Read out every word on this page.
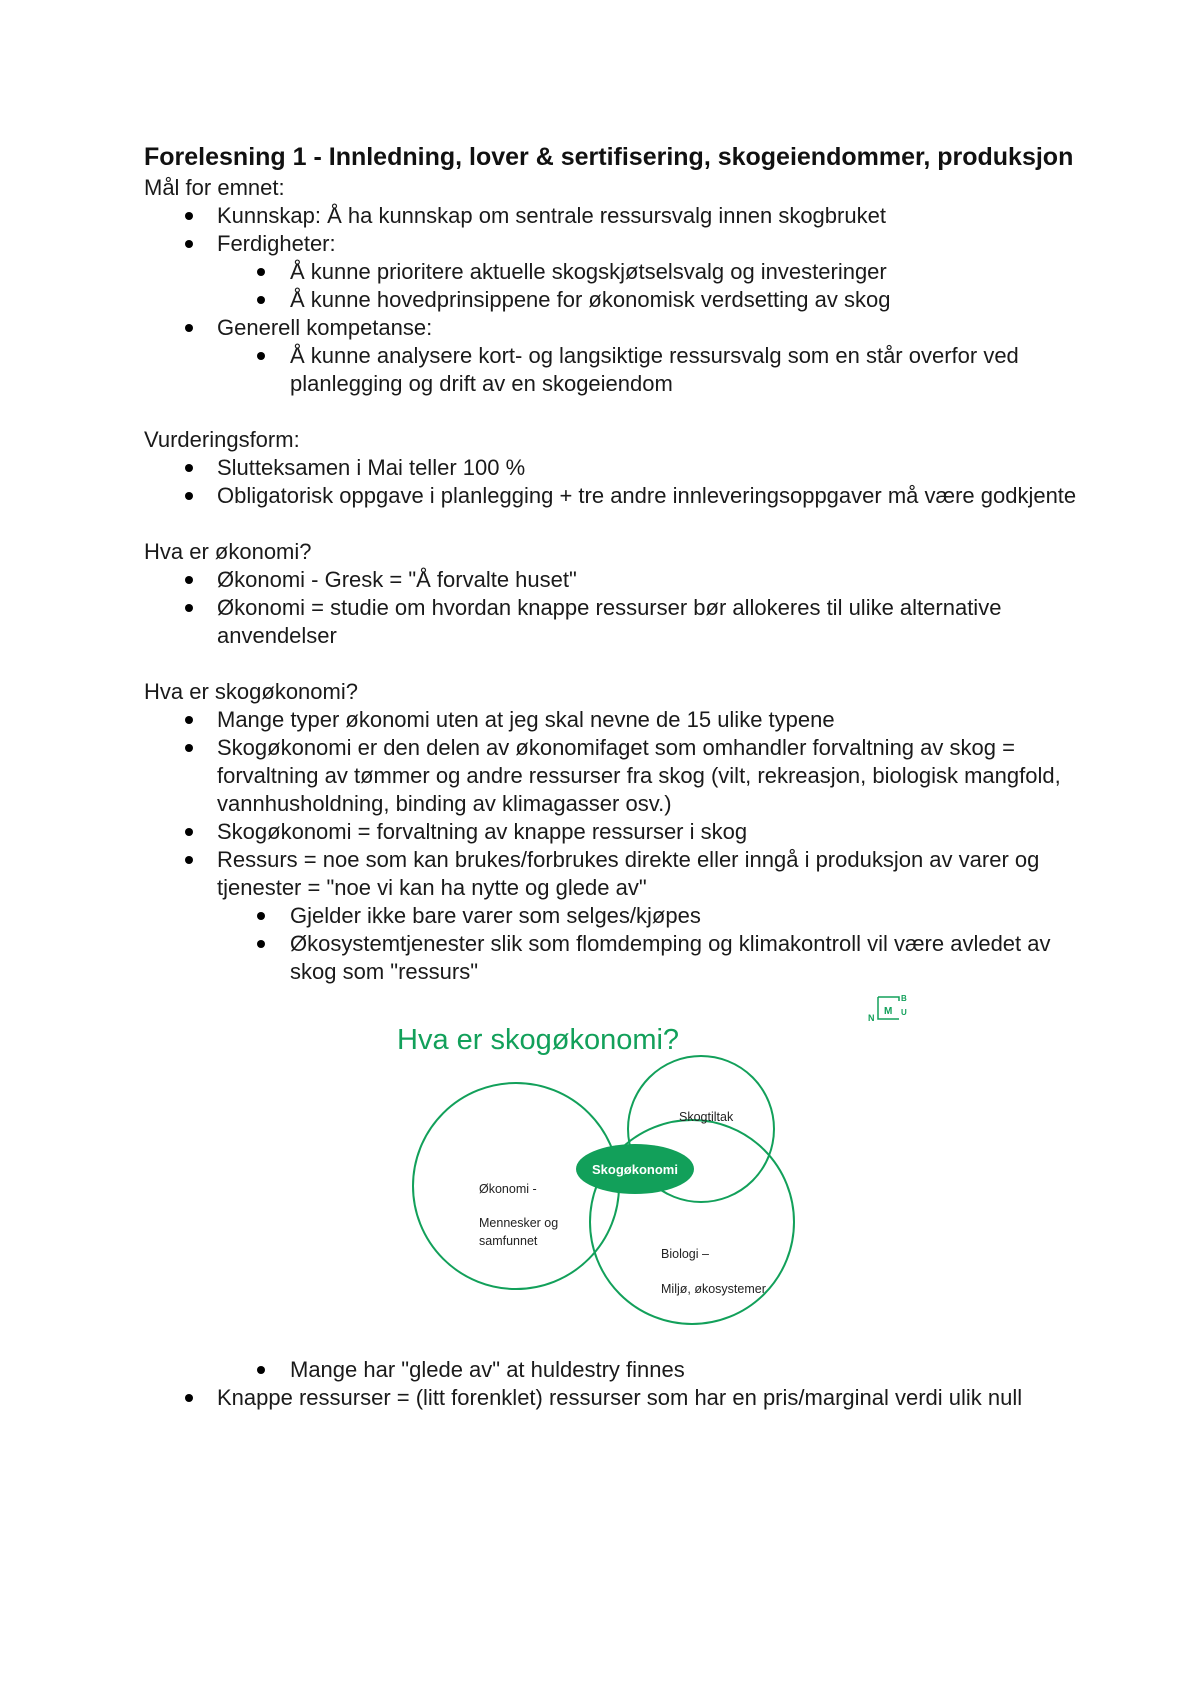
Forelesning 1 - Innledning, lover & sertifisering, skogeiendommer, produksjon

Mål for emnet:

Kunnskap: Å ha kunnskap om sentrale ressursvalg innen skogbruket
Ferdigheter:
Å kunne prioritere aktuelle skogskjøtselsvalg og investeringer
Å kunne hovedprinsippene for økonomisk verdsetting av skog
Generell kompetanse:
Å kunne analysere kort- og langsiktige ressursvalg som en står overfor ved planlegging og drift av en skogeiendom

Vurderingsform:

Slutteksamen i Mai teller 100 %
Obligatorisk oppgave i planlegging + tre andre innleveringsoppgaver må være godkjente

Hva er økonomi?

Økonomi - Gresk = "Å forvalte huset"
Økonomi = studie om hvordan knappe ressurser bør allokeres til ulike alternative anvendelser

Hva er skogøkonomi?

Mange typer økonomi uten at jeg skal nevne de 15 ulike typene
Skogøkonomi er den delen av økonomifaget som omhandler forvaltning av skog = forvaltning av tømmer og andre ressurser fra skog (vilt, rekreasjon, biologisk mangfold, vannhusholdning, binding av klimagasser osv.)
Skogøkonomi = forvaltning av knappe ressurser i skog
Ressurs = noe som kan brukes/forbrukes direkte eller inngå i produksjon av varer og tjenester = "noe vi kan ha nytte og glede av"
Gjelder ikke bare varer som selges/kjøpes
Økosystemtjenester slik som flomdemping og klimakontroll vil være avledet av skog som "ressurs"
M
N
B
U
Hva er skogøkonomi?
Skogøkonomi
Skogtiltak
Økonomi -
Mennesker og
samfunnet
Biologi –
Miljø, økosystemer
Mange har "glede av" at huldestry finnes
Knappe ressurser = (litt forenklet) ressurser som har en pris/marginal verdi ulik null
